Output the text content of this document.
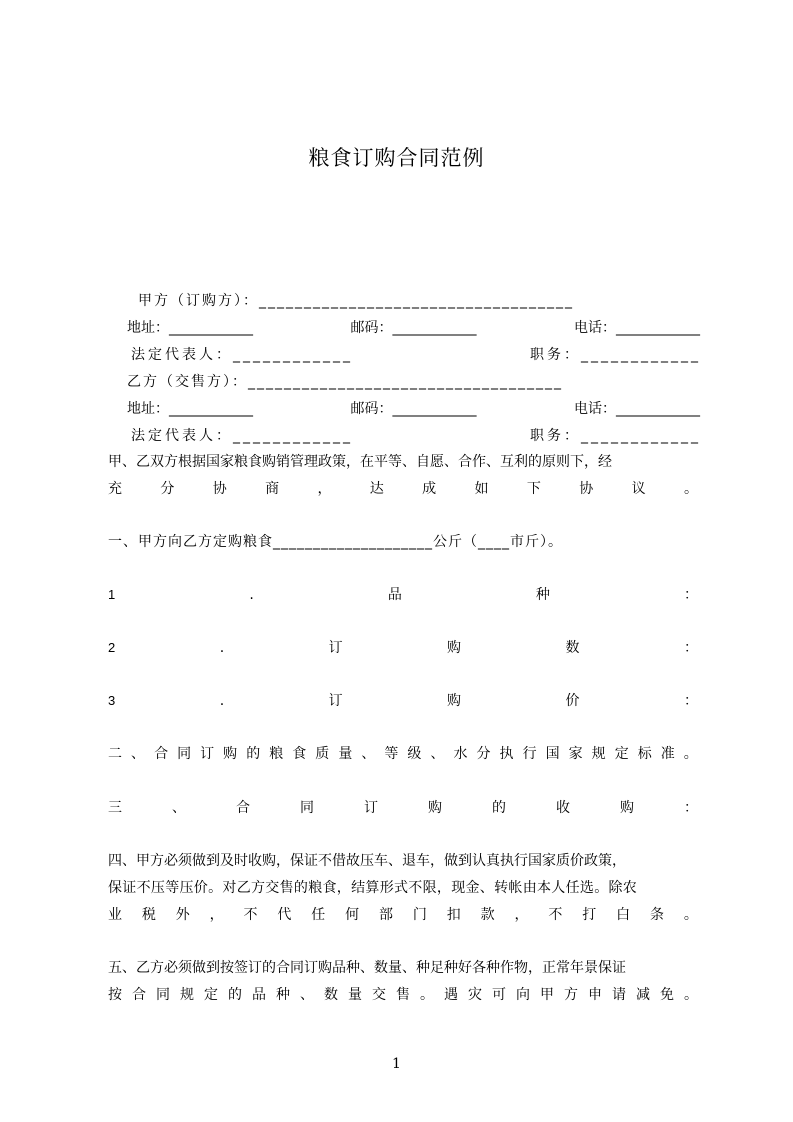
粮食订购合同范例
甲方（订购方）：___________________________________
地址：____________	邮码：____________	电话：____________
法定代表人：____________	职务：____________
乙方（交售方）：___________________________________
地址：____________	邮码：____________	电话：____________
法定代表人：____________	职务：____________
甲、乙双方根据国家粮食购销管理政策，在平等、自愿、合作、互利的原则下，经
充	分	协	商	，	达	成	如	下	协	议	。
一、甲方向乙方定购粮食____________________公斤（____市斤）。
1	.	品	种	：
2	.	订	购	数	：
3	.	订	购	价	：
二 、 合 同 订 购 的 粮 食 质 量 、 等 级 、 水 分 执 行 国 家 规 定 标 准 。
三	、	合	同	订	购	的	收	购	：
四、甲方必须做到及时收购，保证不借故压车、退车，做到认真执行国家质价政策，
保证不压等压价。对乙方交售的粮食，结算形式不限，现金、转帐由本人任选。除农
业 税 外 ， 不 代 任 何 部 门 扣 款 ， 不 打 白 条 。
五、乙方必须做到按签订的合同订购品种、数量、种足种好各种作物，正常年景保证
按 合 同 规 定 的 品 种 、 数 量 交 售 。 遇 灾 可 向 甲 方 申 请 减 免 。
1
